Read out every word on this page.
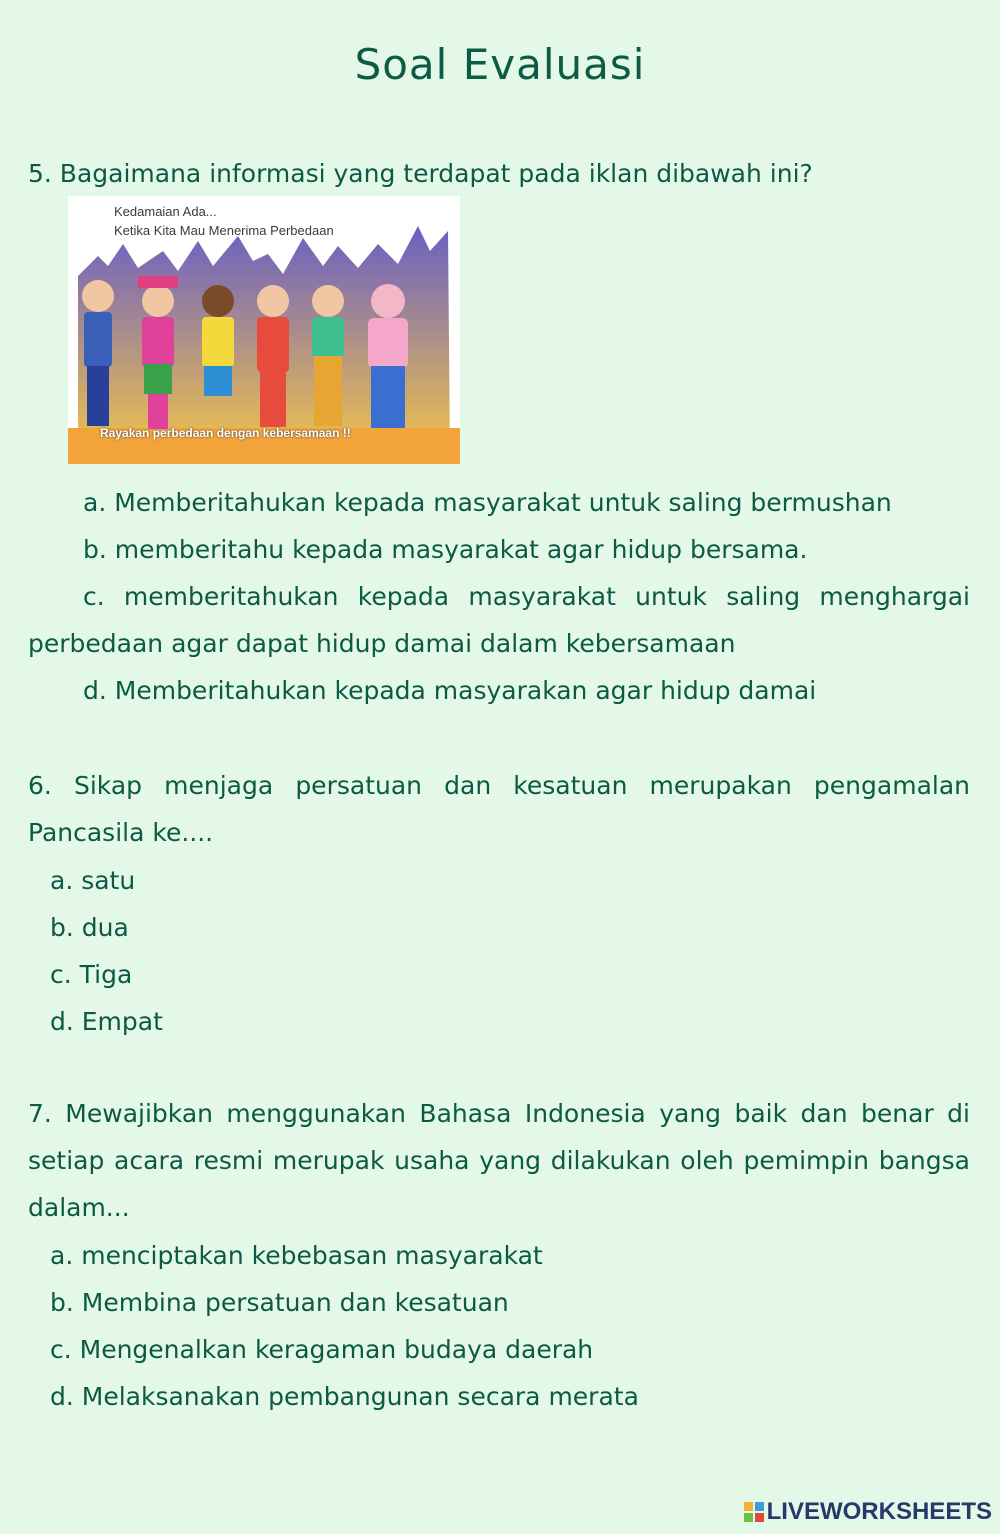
Soal Evaluasi
5. Bagaimana informasi yang terdapat pada iklan dibawah ini?
Kedamaian Ada...
Ketika Kita Mau Menerima Perbedaan
Rayakan perbedaan dengan kebersamaan !!
a. Memberitahukan kepada masyarakat untuk saling bermushan
b. memberitahu kepada masyarakat agar hidup bersama.
c. memberitahukan kepada masyarakat untuk saling menghargai perbedaan agar dapat hidup damai dalam kebersamaan
d. Memberitahukan kepada masyarakan agar hidup damai
6. Sikap menjaga persatuan dan kesatuan merupakan pengamalan Pancasila ke....
a. satu
b. dua
c. Tiga
d. Empat
7. Mewajibkan menggunakan Bahasa Indonesia yang baik dan benar di setiap acara resmi merupak usaha yang dilakukan oleh pemimpin bangsa dalam...
a. menciptakan kebebasan masyarakat
b. Membina persatuan dan kesatuan
c. Mengenalkan keragaman budaya daerah
d. Melaksanakan pembangunan secara merata
LIVEWORKSHEETS
